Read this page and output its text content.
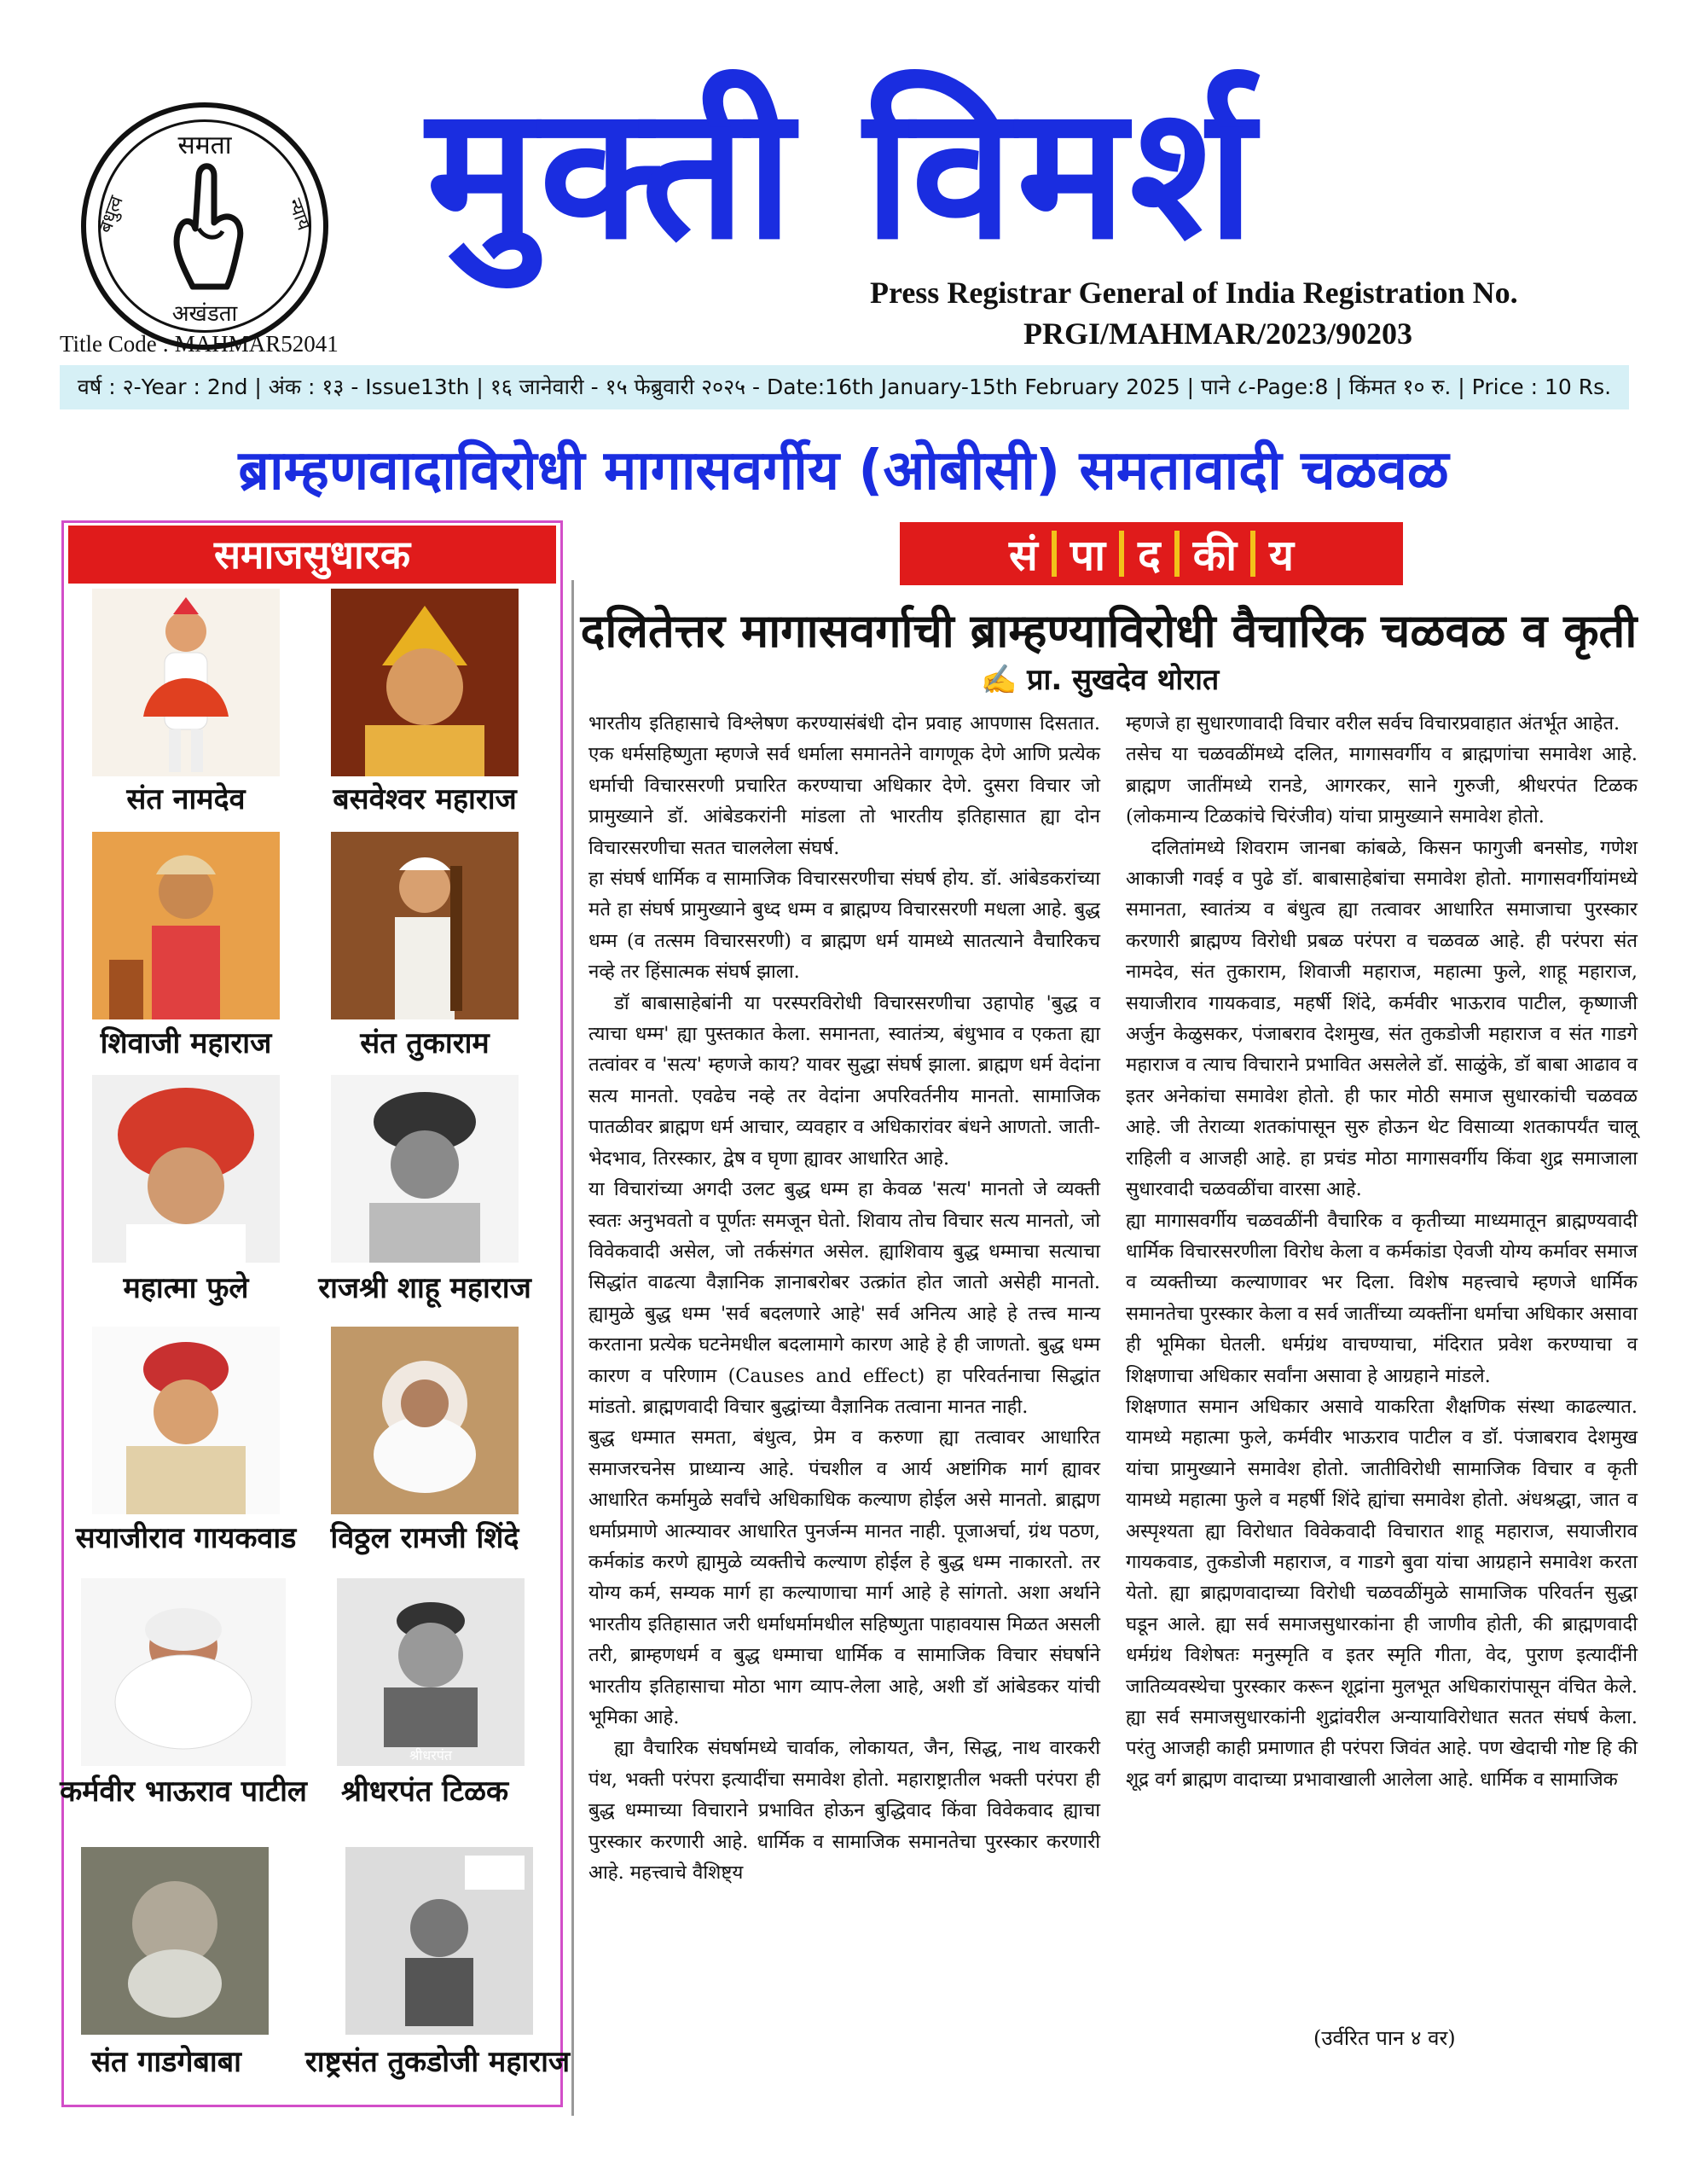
समता
बंधुत्व	न्याय
अखंडता
Title Code : MAHMAR52041
मुक्ती विमर्श
Press Registrar General of India Registration No.
PRGI/MAHMAR/2023/90203
वर्ष : २-Year : 2nd | अंक : १३ - Issue13th | १६ जानेवारी - १५ फेब्रुवारी २०२५ - Date:16th January-15th February 2025 | पाने ८-Page:8 | किंमत १० रु. | Price : 10 Rs.
ब्राम्हणवादाविरोधी मागासवर्गीय (ओबीसी) समतावादी चळवळ
समाजसुधारक
संत नामदेव	बसवेश्वर महाराज
शिवाजी महाराज	संत तुकाराम
महात्मा फुले	राजश्री शाहू महाराज
सयाजीराव गायकवाड	विठ्ठल रामजी शिंदे
श्रीधरपंत
कर्मवीर भाऊराव पाटील	श्रीधरपंत टिळक
संत गाडगेबाबा	राष्ट्रसंत तुकडोजी महाराज
सं पा द की य
दलितेत्तर मागासवर्गाची ब्राम्हण्याविरोधी वैचारिक चळवळ व कृती
✍️ प्रा. सुखदेव थोरात

भारतीय इतिहासाचे विश्लेषण करण्यासंबंधी दोन प्रवाह आपणास दिसतात. एक धर्मसहिष्णुता म्हणजे सर्व धर्माला समानतेने वागणूक देणे आणि प्रत्येक धर्माची विचारसरणी प्रचारित करण्याचा अधिकार देणे. दुसरा विचार जो प्रामुख्याने डॉ. आंबेडकरांनी मांडला तो भारतीय इतिहासात ह्या दोन विचारसरणीचा सतत चाललेला संघर्ष.

हा संघर्ष धार्मिक व सामाजिक विचारसरणीचा संघर्ष होय. डॉ. आंबेडकरांच्या मते हा संघर्ष प्रामुख्याने बुध्द धम्म व ब्राह्मण्य विचारसरणी मधला आहे. बुद्ध धम्म (व तत्सम विचारसरणी) व ब्राह्मण धर्म यामध्ये सातत्याने वैचारिकच नव्हे तर हिंसात्मक संघर्ष झाला.

डॉ बाबासाहेबांनी या परस्परविरोधी विचारसरणीचा उहापोह 'बुद्ध व त्याचा धम्म' ह्या पुस्तकात केला. समानता, स्वातंत्र्य, बंधुभाव व एकता ह्या तत्वांवर व 'सत्य' म्हणजे काय? यावर सुद्धा संघर्ष झाला. ब्राह्मण धर्म वेदांना सत्य मानतो. एवढेच नव्हे तर वेदांना अपरिवर्तनीय मानतो. सामाजिक पातळीवर ब्राह्मण धर्म आचार, व्यवहार व अधिकारांवर बंधने आणतो. जाती-भेदभाव, तिरस्कार, द्वेष व घृणा ह्यावर आधारित आहे.

या विचारांच्या अगदी उलट बुद्ध धम्म हा केवळ 'सत्य' मानतो जे व्यक्ती स्वतः अनुभवतो व पूर्णतः समजून घेतो. शिवाय तोच विचार सत्य मानतो, जो विवेकवादी असेल, जो तर्कसंगत असेल. ह्याशिवाय बुद्ध धम्माचा सत्याचा सिद्धांत वाढत्या वैज्ञानिक ज्ञानाबरोबर उत्क्रांत होत जातो असेही मानतो. ह्यामुळे बुद्ध धम्म 'सर्व बदलणारे आहे' सर्व अनित्य आहे हे तत्त्व मान्य करताना प्रत्येक घटनेमधील बदलामागे कारण आहे हे ही जाणतो. बुद्ध धम्म कारण व परिणाम (Causes and effect) हा परिवर्तनाचा सिद्धांत मांडतो. ब्राह्मणवादी विचार बुद्धांच्या वैज्ञानिक तत्वाना मानत नाही.

बुद्ध धम्मात समता, बंधुत्व, प्रेम व करुणा ह्या तत्वावर आधारित समाजरचनेस प्राध्यान्य आहे. पंचशील व आर्य अष्टांगिक मार्ग ह्यावर आधारित कर्मामुळे सर्वांचे अधिकाधिक कल्याण होईल असे मानतो. ब्राह्मण धर्माप्रमाणे आत्म्यावर आधारित पुनर्जन्म मानत नाही. पूजाअर्चा, ग्रंथ पठण, कर्मकांड करणे ह्यामुळे व्यक्तीचे कल्याण होईल हे बुद्ध धम्म नाकारतो. तर योग्य कर्म, सम्यक मार्ग हा कल्याणाचा मार्ग आहे हे सांगतो. अशा अर्थाने भारतीय इतिहासात जरी धर्माधर्मामधील सहिष्णुता पाहावयास मिळत असली तरी, ब्राम्हणधर्म व बुद्ध धम्माचा धार्मिक व सामाजिक विचार संघर्षाने भारतीय इतिहासाचा मोठा भाग व्याप-लेला आहे, अशी डॉ आंबेडकर यांची भूमिका आहे.

ह्या वैचारिक संघर्षामध्ये चार्वाक, लोकायत, जैन, सिद्ध, नाथ वारकरी पंथ, भक्ती परंपरा इत्यादींचा समावेश होतो. महाराष्ट्रातील भक्ती परंपरा ही बुद्ध धम्माच्या विचाराने प्रभावित होऊन बुद्धिवाद किंवा विवेकवाद ह्याचा पुरस्कार करणारी आहे. धार्मिक व सामाजिक समानतेचा पुरस्कार करणारी आहे. महत्त्वाचे वैशिष्ट्य

म्हणजे हा सुधारणावादी विचार वरील सर्वच विचारप्रवाहात अंतर्भूत आहेत.

तसेच या चळवळींमध्ये दलित, मागासवर्गीय व ब्राह्मणांचा समावेश आहे. ब्राह्मण जातींमध्ये रानडे, आगरकर, साने गुरुजी, श्रीधरपंत टिळक (लोकमान्य टिळकांचे चिरंजीव) यांचा प्रामुख्याने समावेश होतो.

दलितांमध्ये शिवराम जानबा कांबळे, किसन फागुजी बनसोड, गणेश आकाजी गवई व पुढे डॉ. बाबासाहेबांचा समावेश होतो. मागासवर्गीयांमध्ये समानता, स्वातंत्र्य व बंधुत्व ह्या तत्वावर आधारित समाजाचा पुरस्कार करणारी ब्राह्मण्य विरोधी प्रबळ परंपरा व चळवळ आहे. ही परंपरा संत नामदेव, संत तुकाराम, शिवाजी महाराज, महात्मा फुले, शाहू महाराज, सयाजीराव गायकवाड, महर्षी शिंदे, कर्मवीर भाऊराव पाटील, कृष्णाजी अर्जुन केळुसकर, पंजाबराव देशमुख, संत तुकडोजी महाराज व संत गाडगे महाराज व त्याच विचाराने प्रभावित असलेले डॉ. साळुंके, डॉ बाबा आढाव व इतर अनेकांचा समावेश होतो. ही फार मोठी समाज सुधारकांची चळवळ आहे. जी तेराव्या शतकांपासून सुरु होऊन थेट विसाव्या शतकापर्यंत चालू राहिली व आजही आहे. हा प्रचंड मोठा मागासवर्गीय किंवा शुद्र समाजाला सुधारवादी चळवळींचा वारसा आहे.

ह्या मागासवर्गीय चळवळींनी वैचारिक व कृतीच्या माध्यमातून ब्राह्मण्यवादी धार्मिक विचारसरणीला विरोध केला व कर्मकांडा ऐवजी योग्य कर्मावर समाज व व्यक्तीच्या कल्याणावर भर दिला. विशेष महत्त्वाचे म्हणजे धार्मिक समानतेचा पुरस्कार केला व सर्व जातींच्या व्यक्तींना धर्माचा अधिकार असावा ही भूमिका घेतली. धर्मग्रंथ वाचण्याचा, मंदिरात प्रवेश करण्याचा व शिक्षणाचा अधिकार सर्वांना असावा हे आग्रहाने मांडले.

शिक्षणात समान अधिकार असावे याकरिता शैक्षणिक संस्था काढल्यात. यामध्ये महात्मा फुले, कर्मवीर भाऊराव पाटील व डॉ. पंजाबराव देशमुख यांचा प्रामुख्याने समावेश होतो. जातीविरोधी सामाजिक विचार व कृती यामध्ये महात्मा फुले व महर्षी शिंदे ह्यांचा समावेश होतो. अंधश्रद्धा, जात व अस्पृश्यता ह्या विरोधात विवेकवादी विचारात शाहू महाराज, सयाजीराव गायकवाड, तुकडोजी महाराज, व गाडगे बुवा यांचा आग्रहाने समावेश करता येतो. ह्या ब्राह्मणवादाच्या विरोधी चळवळींमुळे सामाजिक परिवर्तन सुद्धा घडून आले. ह्या सर्व समाजसुधारकांना ही जाणीव होती, की ब्राह्मणवादी धर्मग्रंथ विशेषतः मनुस्मृति व इतर स्मृति गीता, वेद, पुराण इत्यादींनी जातिव्यवस्थेचा पुरस्कार करून शूद्रांना मुलभूत अधिकारांपासून वंचित केले. ह्या सर्व समाजसुधारकांनी शुद्रांवरील अन्यायाविरोधात सतत संघर्ष केला. परंतु आजही काही प्रमाणात ही परंपरा जिवंत आहे. पण खेदाची गोष्ट हि की शूद्र वर्ग ब्राह्मण वादाच्या प्रभावाखाली आलेला आहे. धार्मिक व सामाजिक

(उर्वरित पान ४ वर)
